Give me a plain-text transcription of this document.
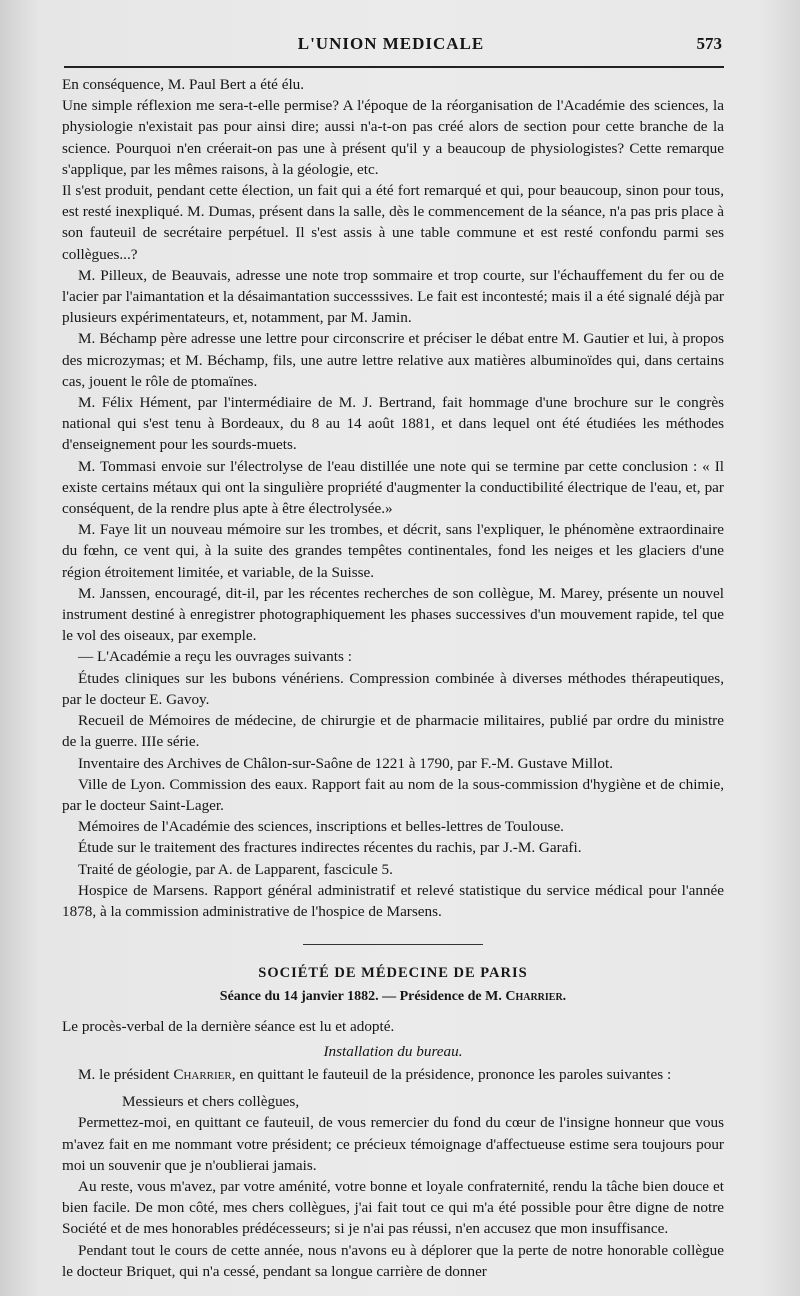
L'UNION MEDICALE	573

En conséquence, M. Paul Bert a été élu.

Une simple réflexion me sera-t-elle permise? A l'époque de la réorganisation de l'Académie des sciences, la physiologie n'existait pas pour ainsi dire; aussi n'a-t-on pas créé alors de section pour cette branche de la science. Pourquoi n'en créerait-on pas une à présent qu'il y a beaucoup de physiologistes? Cette remarque s'applique, par les mêmes raisons, à la géologie, etc.

Il s'est produit, pendant cette élection, un fait qui a été fort remarqué et qui, pour beaucoup, sinon pour tous, est resté inexpliqué. M. Dumas, présent dans la salle, dès le commencement de la séance, n'a pas pris place à son fauteuil de secrétaire perpétuel. Il s'est assis à une table commune et est resté confondu parmi ses collègues...?

M. Pilleux, de Beauvais, adresse une note trop sommaire et trop courte, sur l'échauffement du fer ou de l'acier par l'aimantation et la désaimantation successsives. Le fait est incontesté; mais il a été signalé déjà par plusieurs expérimentateurs, et, notamment, par M. Jamin.

M. Béchamp père adresse une lettre pour circonscrire et préciser le débat entre M. Gautier et lui, à propos des microzymas; et M. Béchamp, fils, une autre lettre relative aux matières albuminoïdes qui, dans certains cas, jouent le rôle de ptomaïnes.

M. Félix Hément, par l'intermédiaire de M. J. Bertrand, fait hommage d'une brochure sur le congrès national qui s'est tenu à Bordeaux, du 8 au 14 août 1881, et dans lequel ont été étudiées les méthodes d'enseignement pour les sourds-muets.

M. Tommasi envoie sur l'électrolyse de l'eau distillée une note qui se termine par cette conclusion : « Il existe certains métaux qui ont la singulière propriété d'augmenter la conductibilité électrique de l'eau, et, par conséquent, de la rendre plus apte à être électrolysée.»

M. Faye lit un nouveau mémoire sur les trombes, et décrit, sans l'expliquer, le phénomène extraordinaire du fœhn, ce vent qui, à la suite des grandes tempêtes continentales, fond les neiges et les glaciers d'une région étroitement limitée, et variable, de la Suisse.

M. Janssen, encouragé, dit-il, par les récentes recherches de son collègue, M. Marey, présente un nouvel instrument destiné à enregistrer photographiquement les phases successives d'un mouvement rapide, tel que le vol des oiseaux, par exemple.

— L'Académie a reçu les ouvrages suivants :

Études cliniques sur les bubons vénériens. Compression combinée à diverses méthodes thérapeutiques, par le docteur E. Gavoy.

Recueil de Mémoires de médecine, de chirurgie et de pharmacie militaires, publié par ordre du ministre de la guerre. IIIe série.

Inventaire des Archives de Châlon-sur-Saône de 1221 à 1790, par F.-M. Gustave Millot.

Ville de Lyon. Commission des eaux. Rapport fait au nom de la sous-commission d'hygiène et de chimie, par le docteur Saint-Lager.

Mémoires de l'Académie des sciences, inscriptions et belles-lettres de Toulouse.

Étude sur le traitement des fractures indirectes récentes du rachis, par J.-M. Garafi.

Traité de géologie, par A. de Lapparent, fascicule 5.

Hospice de Marsens. Rapport général administratif et relevé statistique du service médical pour l'année 1878, à la commission administrative de l'hospice de Marsens.

SOCIÉTÉ DE MÉDECINE DE PARIS
Séance du 14 janvier 1882. — Présidence de M. Charrier.

Le procès-verbal de la dernière séance est lu et adopté.

Installation du bureau.

M. le président Charrier, en quittant le fauteuil de la présidence, prononce les paroles suivantes :

Messieurs et chers collègues,

Permettez-moi, en quittant ce fauteuil, de vous remercier du fond du cœur de l'insigne honneur que vous m'avez fait en me nommant votre président; ce précieux témoignage d'affectueuse estime sera toujours pour moi un souvenir que je n'oublierai jamais.

Au reste, vous m'avez, par votre aménité, votre bonne et loyale confraternité, rendu la tâche bien douce et bien facile. De mon côté, mes chers collègues, j'ai fait tout ce qui m'a été possible pour être digne de notre Société et de mes honorables prédécesseurs; si je n'ai pas réussi, n'en accusez que mon insuffisance.

Pendant tout le cours de cette année, nous n'avons eu à déplorer que la perte de notre honorable collègue le docteur Briquet, qui n'a cessé, pendant sa longue carrière de donner
